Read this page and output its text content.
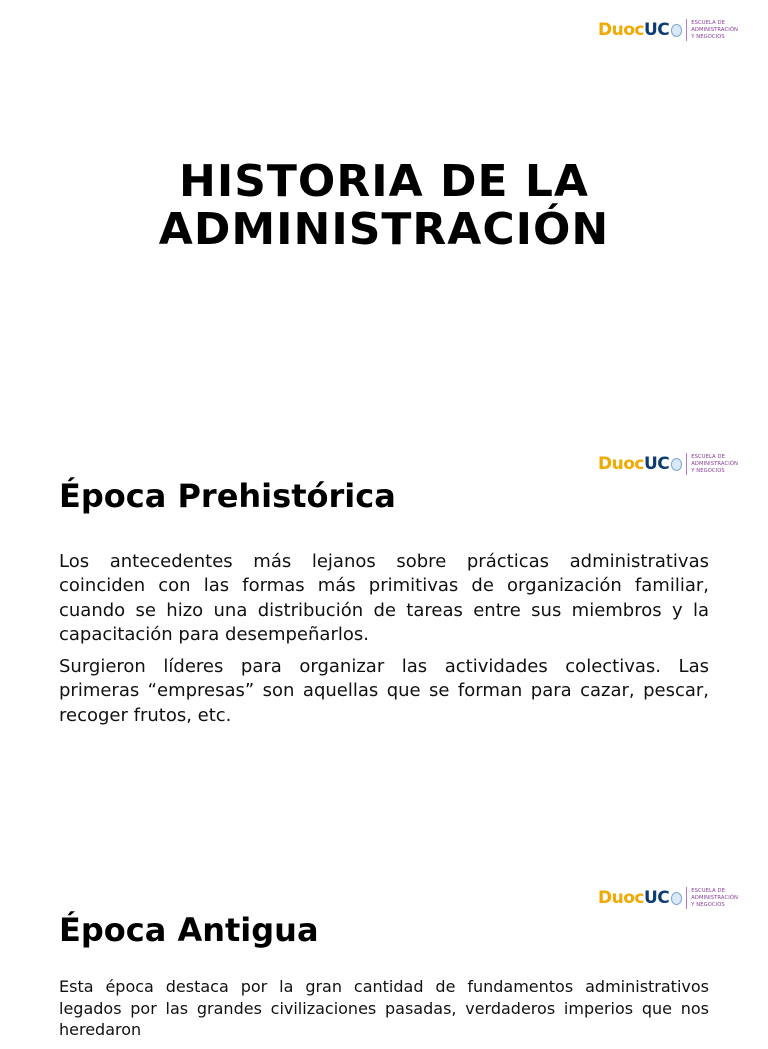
Duoc UC	ESCUELA DE
ADMINISTRACIÓN
Y NEGOCIOS
HISTORIA DE LA
ADMINISTRACIÓN
Duoc UC	ESCUELA DE
ADMINISTRACIÓN
Y NEGOCIOS
Época Prehistórica

Los antecedentes más lejanos sobre prácticas administrativas coinciden con las formas más primitivas de organización familiar, cuando se hizo una distribución de tareas entre sus miembros y la capacitación para desempeñarlos.

Surgieron líderes para organizar las actividades colectivas. Las primeras “empresas” son aquellas que se forman para cazar, pescar, recoger frutos, etc.

Duoc UC	ESCUELA DE
ADMINISTRACIÓN
Y NEGOCIOS
Época Antigua

Esta época destaca por la gran cantidad de fundamentos administrativos legados por las grandes civilizaciones pasadas, verdaderos imperios que nos heredaron
